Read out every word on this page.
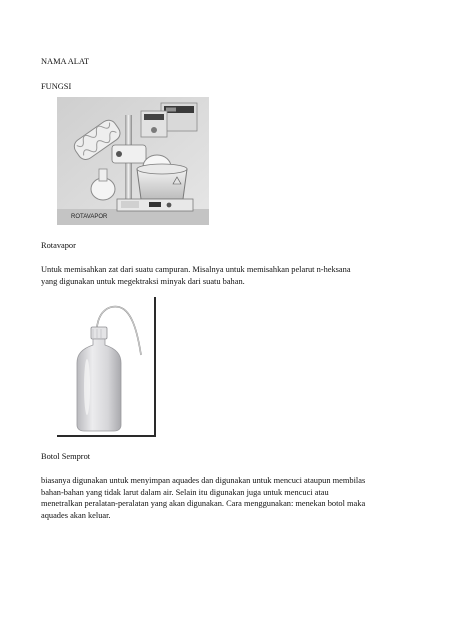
NAMA ALAT

FUNGSI

ROTAVAPOR

Rotavapor

Untuk memisahkan zat dari suatu campuran. Misalnya untuk memisahkan pelarut n-heksana
yang digunakan untuk megektraksi minyak dari suatu bahan.

Botol Semprot

biasanya digunakan untuk menyimpan aquades dan digunakan untuk mencuci ataupun membilas
bahan-bahan yang tidak larut dalam air. Selain itu digunakan juga untuk mencuci atau
menetralkan peralatan-peralatan yang akan digunakan. Cara menggunakan: menekan botol maka
aquades akan keluar.
